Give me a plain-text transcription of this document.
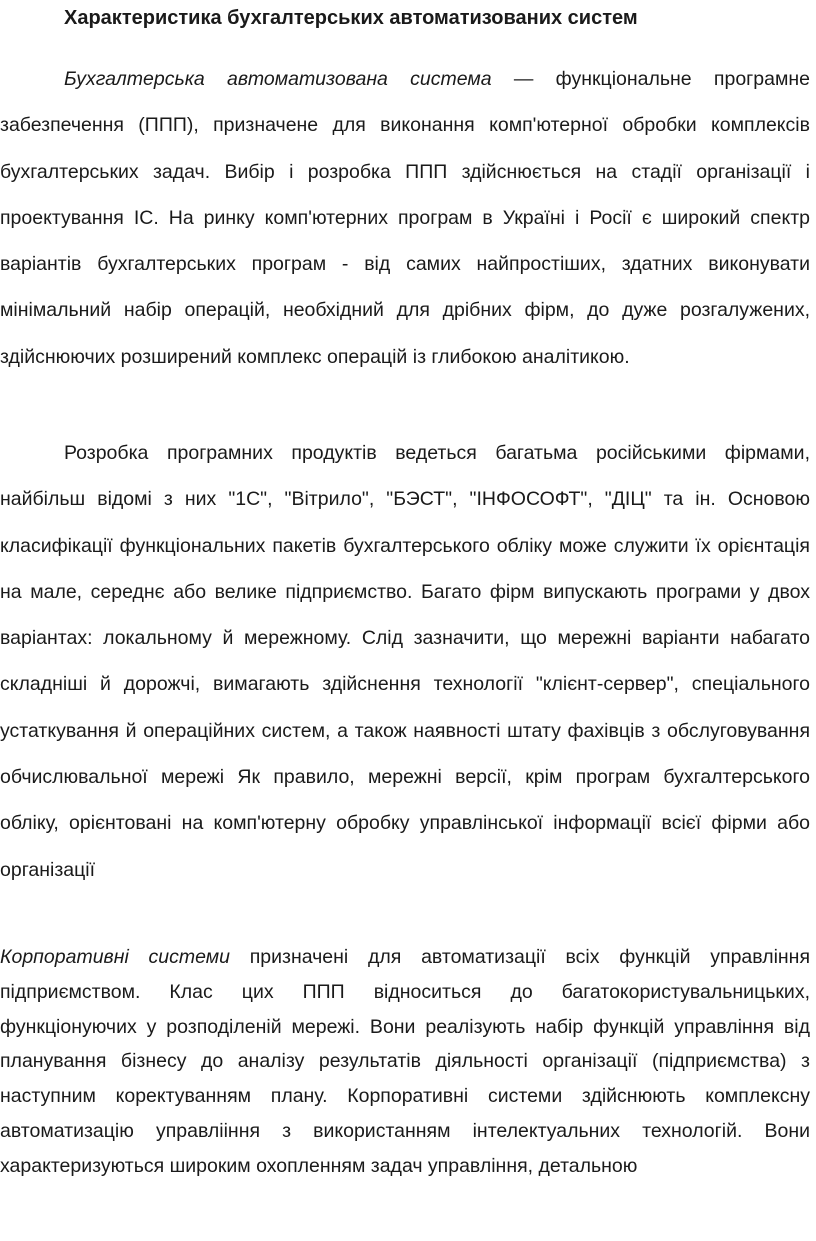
Характеристика бухгалтерських автоматизованих систем

Бухгалтерська автоматизована система — функціональне програмне забезпечення (ППП), призначене для виконання комп'ютерної обробки комплексів бухгалтерських задач. Вибір і розробка ППП здійснюється на стадії організації і проектування ІС. На ринку комп'ютерних програм в Україні і Росії є широкий спектр варіантів бухгалтерських програм - від самих найпростіших, здатних виконувати мінімальний набір операцій, необхідний для дрібних фірм, до дуже розгалужених, здійснюючих розширений комплекс операцій із глибокою аналітикою.

Розробка програмних продуктів ведеться багатьма російськими фірмами, найбільш відомі з них "1С", "Вітрило", "БЭСТ", "ІНФОСОФТ", "ДІЦ" та ін. Основою класифікації функціональних пакетів бухгалтерського обліку може служити їх орієнтація на мале, середнє або велике підприємство. Багато фірм випускають програми у двох варіантах: локальному й мережному. Слід зазначити, що мережні варіанти набагато складніші й дорожчі, вимагають здійснення технології "клієнт-сервер", спеціального устаткування й операційних систем, а також наявності штату фахівців з обслуговування обчислювальної мережі Як правило, мережні версії, крім програм бухгалтерського обліку, орієнтовані на комп'ютерну обробку управлінської інформації всієї фірми або організації

Корпоративні системи призначені для автоматизації всіх функцій управління підприємством. Клас цих ППП відноситься до багатокористувальницьких, функціонуючих у розподіленій мережі. Вони реалізують набір функцій управління від планування бізнесу до аналізу результатів діяльності організації (підприємства) з наступним коректуванням плану. Корпоративні системи здійснюють комплексну автоматизацію управлііння з використанням інтелектуальних технологій. Вони характеризуються широким охопленням задач управління, детальною
